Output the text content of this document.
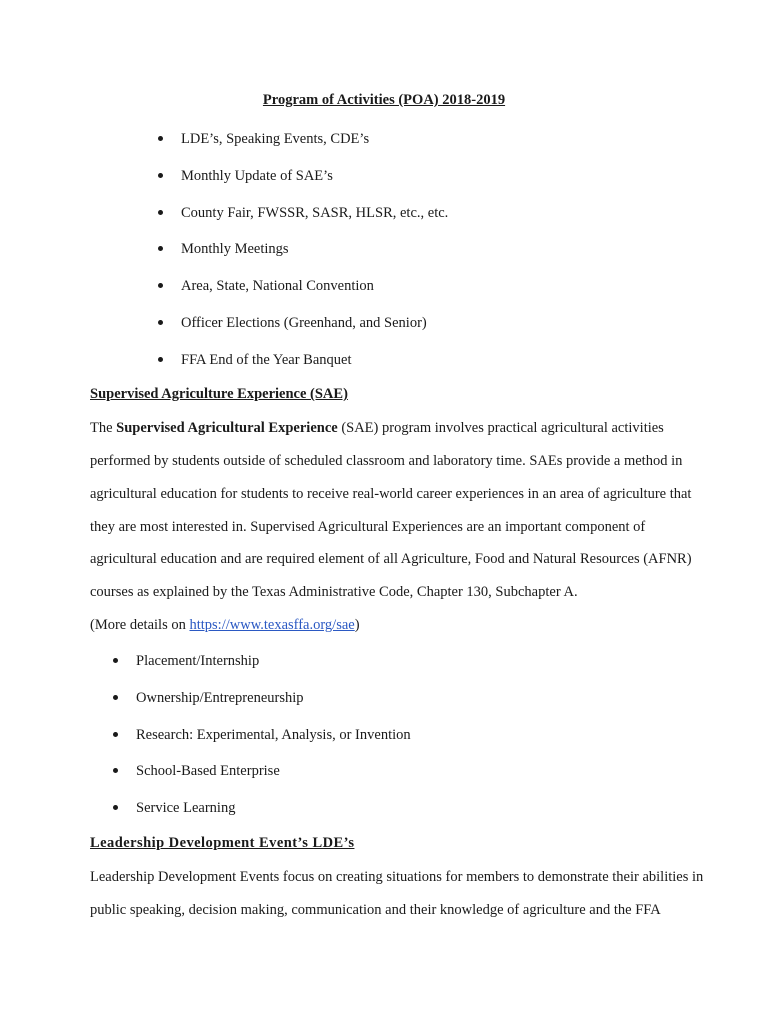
Program of Activities (POA) 2018-2019
LDE’s, Speaking Events, CDE’s
Monthly Update of SAE’s
County Fair, FWSSR, SASR, HLSR, etc., etc.
Monthly Meetings
Area, State, National Convention
Officer Elections (Greenhand, and Senior)
FFA End of the Year Banquet
Supervised Agriculture Experience (SAE)
The Supervised Agricultural Experience (SAE) program involves practical agricultural activities
performed by students outside of scheduled classroom and laboratory time. SAEs provide a method in
agricultural education for students to receive real-world career experiences in an area of agriculture that
they are most interested in. Supervised Agricultural Experiences are an important component of
agricultural education and are required element of all Agriculture, Food and Natural Resources (AFNR)
courses as explained by the Texas Administrative Code, Chapter 130, Subchapter A.
(More details on https://www.texasffa.org/sae)
Placement/Internship
Ownership/Entrepreneurship
Research: Experimental, Analysis, or Invention
School-Based Enterprise
Service Learning
Leadership Development Event’s LDE’s
Leadership Development Events focus on creating situations for members to demonstrate their abilities in
public speaking, decision making, communication and their knowledge of agriculture and the FFA
